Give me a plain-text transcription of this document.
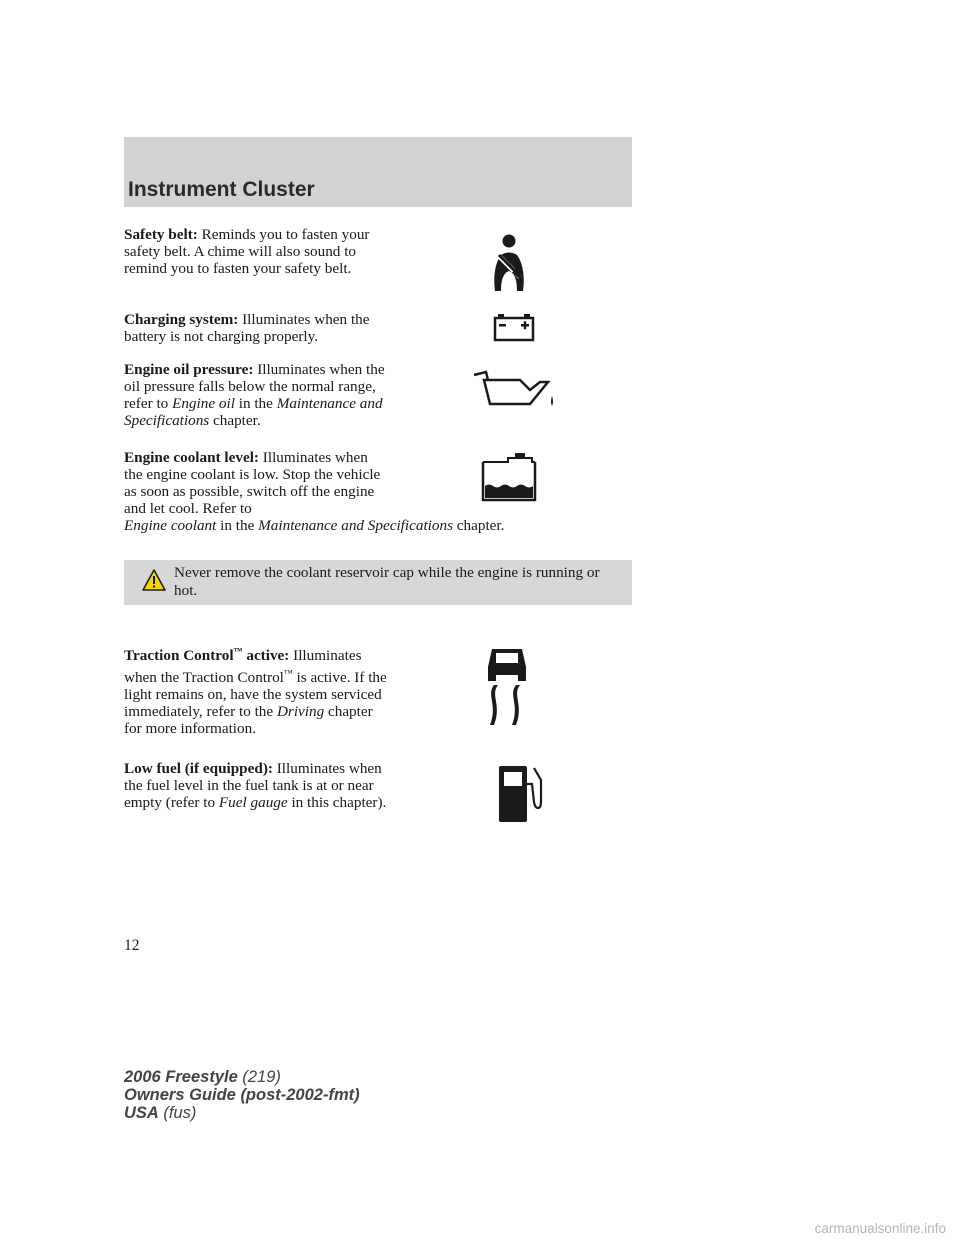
Instrument Cluster
Safety belt: Reminds you to fasten your safety belt. A chime will also sound to remind you to fasten your safety belt.
Charging system: Illuminates when the battery is not charging properly.
Engine oil pressure: Illuminates when the oil pressure falls below the normal range, refer to Engine oil in the Maintenance and Specifications chapter.
Engine coolant level: Illuminates when the engine coolant is low. Stop the vehicle as soon as possible, switch off the engine and let cool. Refer to
Engine coolant in the Maintenance and Specifications chapter.
Never remove the coolant reservoir cap while the engine is running or hot.
Traction Control™ active: Illuminates when the Traction Control™ is active. If the light remains on, have the system serviced immediately, refer to the Driving chapter for more information.
Low fuel (if equipped): Illuminates when the fuel level in the fuel tank is at or near empty (refer to Fuel gauge in this chapter).
12
2006 Freestyle (219)
Owners Guide (post-2002-fmt)
USA (fus)
carmanualsonline.info
